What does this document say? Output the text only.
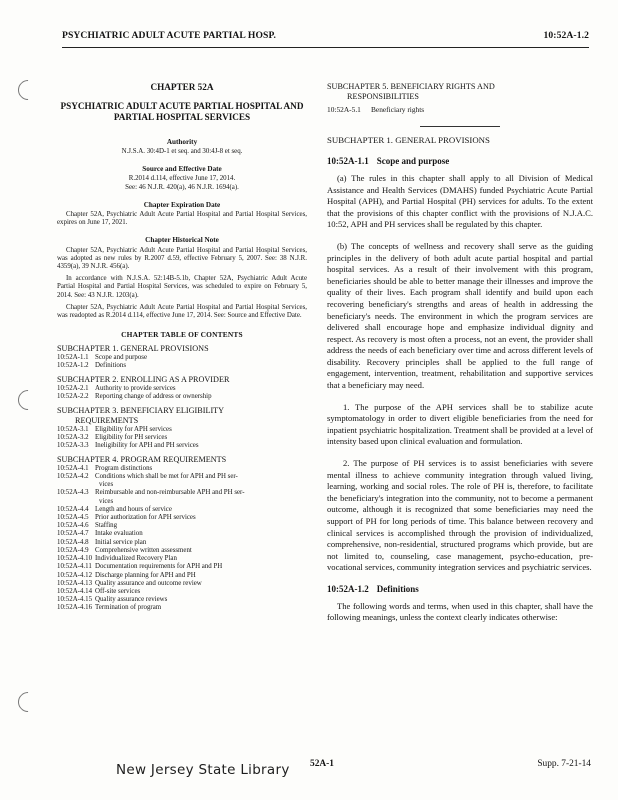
PSYCHIATRIC ADULT ACUTE PARTIAL HOSP.	10:52A-1.2
CHAPTER 52A
PSYCHIATRIC ADULT ACUTE PARTIAL HOSPITAL AND PARTIAL HOSPITAL SERVICES
Authority
N.J.S.A. 30:4D-1 et seq. and 30:4J-8 et seq.
Source and Effective Date
R.2014 d.114, effective June 17, 2014.
See: 46 N.J.R. 420(a), 46 N.J.R. 1694(a).
Chapter Expiration Date

Chapter 52A, Psychiatric Adult Acute Partial Hospital and Partial Hospital Services, expires on June 17, 2021.

Chapter Historical Note

Chapter 52A, Psychiatric Adult Acute Partial Hospital and Partial Hospital Services, was adopted as new rules by R.2007 d.59, effective February 5, 2007. See: 38 N.J.R. 4359(a), 39 N.J.R. 456(a).

In accordance with N.J.S.A. 52:14B-5.1b, Chapter 52A, Psychiatric Adult Acute Partial Hospital and Partial Hospital Services, was scheduled to expire on February 5, 2014. See: 43 N.J.R. 1203(a).

Chapter 52A, Psychiatric Adult Acute Partial Hospital and Partial Hospital Services, was readopted as R.2014 d.114, effective June 17, 2014. See: Source and Effective Date.

CHAPTER TABLE OF CONTENTS
SUBCHAPTER 1. GENERAL PROVISIONS
10:52A-1.1 Scope and purpose
10:52A-1.2 Definitions
SUBCHAPTER 2. ENROLLING AS A PROVIDER
10:52A-2.1 Authority to provide services
10:52A-2.2 Reporting change of address or ownership
SUBCHAPTER 3. BENEFICIARY ELIGIBILITY
REQUIREMENTS
10:52A-3.1 Eligibility for APH services
10:52A-3.2 Eligibility for PH services
10:52A-3.3 Ineligibility for APH and PH services
SUBCHAPTER 4. PROGRAM REQUIREMENTS
10:52A-4.1 Program distinctions
10:52A-4.2 Conditions which shall be met for APH and PH ser-
vices
10:52A-4.3 Reimbursable and non-reimbursable APH and PH ser-
vices
10:52A-4.4 Length and hours of service
10:52A-4.5 Prior authorization for APH services
10:52A-4.6 Staffing
10:52A-4.7 Intake evaluation
10:52A-4.8 Initial service plan
10:52A-4.9 Comprehensive written assessment
10:52A-4.10 Individualized Recovery Plan
10:52A-4.11 Documentation requirements for APH and PH
10:52A-4.12 Discharge planning for APH and PH
10:52A-4.13 Quality assurance and outcome review
10:52A-4.14 Off-site services
10:52A-4.15 Quality assurance reviews
10:52A-4.16 Termination of program
SUBCHAPTER 5. BENEFICIARY RIGHTS AND
RESPONSIBILITIES
10:52A-5.1	Beneficiary rights
SUBCHAPTER 1. GENERAL PROVISIONS
10:52A-1.1 Scope and purpose

(a) The rules in this chapter shall apply to all Division of Medical Assistance and Health Services (DMAHS) funded Psychiatric Acute Partial Hospital (APH), and Partial Hospital (PH) services for adults. To the extent that the provisions of this chapter conflict with the provisions of N.J.A.C. 10:52, APH and PH services shall be regulated by this chapter.

(b) The concepts of wellness and recovery shall serve as the guiding principles in the delivery of both adult acute partial hospital and partial hospital services. As a result of their involvement with this program, beneficiaries should be able to better manage their illnesses and improve the quality of their lives. Each program shall identify and build upon each recovering beneficiary's strengths and areas of health in addressing the beneficiary's needs. The environment in which the program services are delivered shall encourage hope and emphasize individual dignity and respect. As recovery is most often a process, not an event, the provider shall address the needs of each beneficiary over time and across different levels of disability. Recovery principles shall be applied to the full range of engagement, intervention, treatment, rehabilitation and supportive services that a beneficiary may need.

1. The purpose of the APH services shall be to stabilize acute symptomatology in order to divert eligible beneficiaries from the need for inpatient psychiatric hospitalization. Treatment shall be provided at a level of intensity based upon clinical evaluation and formulation.

2. The purpose of PH services is to assist beneficiaries with severe mental illness to achieve community integration through valued living, learning, working and social roles. The role of PH is, therefore, to facilitate the beneficiary's integration into the community, not to become a permanent outcome, although it is recognized that some beneficiaries may need the support of PH for long periods of time. This balance between recovery and clinical services is accomplished through the provision of individualized, comprehensive, non-residential, structured programs which provide, but are not limited to, counseling, case management, psycho-education, pre-vocational services, community integration services and psychiatric services.

10:52A-1.2 Definitions

The following words and terms, when used in this chapter, shall have the following meanings, unless the context clearly indicates otherwise:

New Jersey State Library 52A-1	Supp. 7-21-14
